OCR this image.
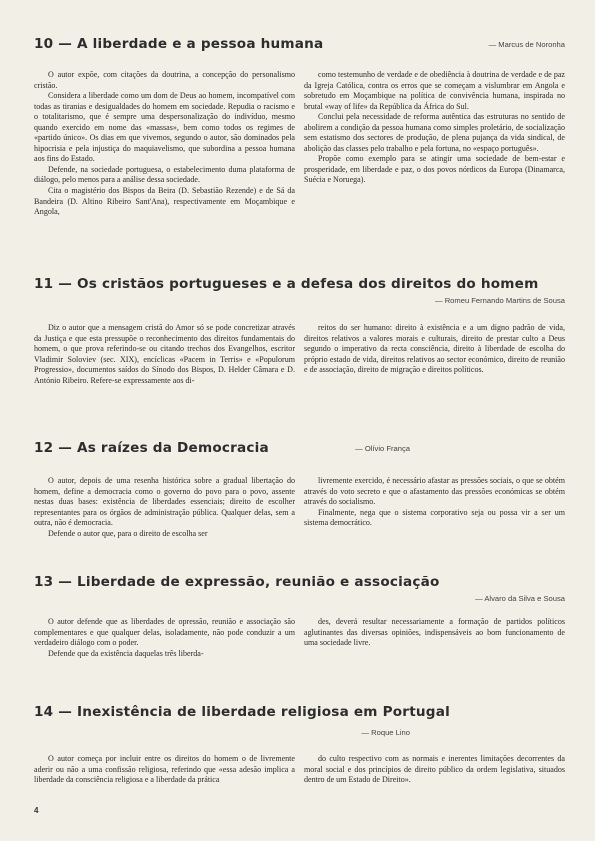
10 — A liberdade e a pessoa humana	— Marcus de Noronha

O autor expõe, com citações da doutrina, a concepção do personalismo cristão.

Considera a liberdade como um dom de Deus ao homem, incompatível com todas as tiranias e desigualdades do homem em sociedade. Repudia o racismo e o totalitarismo, que é sempre uma despersonalização do indivíduo, mesmo quando exercido em nome das «massas», bem como todos os regimes de «partido único». Os dias em que vivemos, segundo o autor, são dominados pela hipocrisia e pela injustiça do maquiavelismo, que subordina a pessoa humana aos fins do Estado.

Defende, na sociedade portuguesa, o estabelecimento duma plataforma de diálogo, pelo menos para a análise dessa sociedade.

Cita o magistério dos Bispos da Beira (D. Sebastião Rezende) e de Sá da Bandeira (D. Altino Ribeiro Sant'Ana), respectivamente em Moçambique e Angola,

como testemunho de verdade e de obediência à doutrina de verdade e de paz da Igreja Católica, contra os erros que se começam a vislumbrar em Angola e sobretudo em Moçambique na política de convivência humana, inspirada no brutal «way of life» da República da África do Sul.

Conclui pela necessidade de reforma autêntica das estruturas no sentido de abolirem a condição da pessoa humana como simples proletário, de socialização sem estatismo dos sectores de produção, de plena pujança da vida sindical, de abolição das classes pelo trabalho e pela fortuna, no «espaço português».

Propõe como exemplo para se atingir uma sociedade de bem-estar e prosperidade, em liberdade e paz, o dos povos nórdicos da Europa (Dinamarca, Suécia e Noruega).

11 — Os cristãos portugueses e a defesa dos direitos do homem
— Romeu Fernando Martins de Sousa

Diz o autor que a mensagem cristã do Amor só se pode concretizar através da Justiça e que esta pressupõe o reconhecimento dos direitos fundamentais do homem, o que prova referindo-se ou citando trechos dos Evangelhos, escritor Vladimir Soloviev (sec. XIX), encíclicas «Pacem in Terris» e «Populorum Progressio», documentos saídos do Sínodo dos Bispos, D. Helder Câmara e D. António Ribeiro. Refere-se expressamente aos di-

reitos do ser humano: direito à existência e a um digno padrão de vida, direitos relativos a valores morais e culturais, direito de prestar culto a Deus segundo o imperativo da recta consciência, direito à liberdade de escolha do próprio estado de vida, direitos relativos ao sector económico, direito de reunião e de associação, direito de migração e direitos políticos.

12 — As raízes da Democracia	— Olívio França

O autor, depois de uma resenha histórica sobre a gradual libertação do homem, define a democracia como o governo do povo para o povo, assente nestas duas bases: existência de liberdades essenciais; direito de escolher representantes para os órgãos de administração pública. Qualquer delas, sem a outra, não é democracia.

Defende o autor que, para o direito de escolha ser

livremente exercido, é necessário afastar as pressões sociais, o que se obtém através do voto secreto e que o afastamento das pressões económicas se obtém através do socialismo.

Finalmente, nega que o sistema corporativo seja ou possa vir a ser um sistema democrático.

13 — Liberdade de expressão, reunião e associação
— Alvaro da Silva e Sousa

O autor defende que as liberdades de opressão, reunião e associação são complementares e que qualquer delas, isoladamente, não pode conduzir a um verdadeiro diálogo com o poder.

Defende que da existência daquelas três liberda-

des, deverá resultar necessariamente a formação de partidos políticos aglutinantes das diversas opiniões, indispensáveis ao bom funcionamento de uma sociedade livre.

14 — Inexistência de liberdade religiosa em Portugal
— Roque Lino

O autor começa por incluir entre os direitos do homem o de livremente aderir ou não a uma confissão religiosa, referindo que «essa adesão implica a liberdade da consciência religiosa e a liberdade da prática

do culto respectivo com as normais e inerentes limitações decorrentes da moral social e dos princípios de direito público da ordem legislativa, situados dentro de um Estado de Direito».

4
